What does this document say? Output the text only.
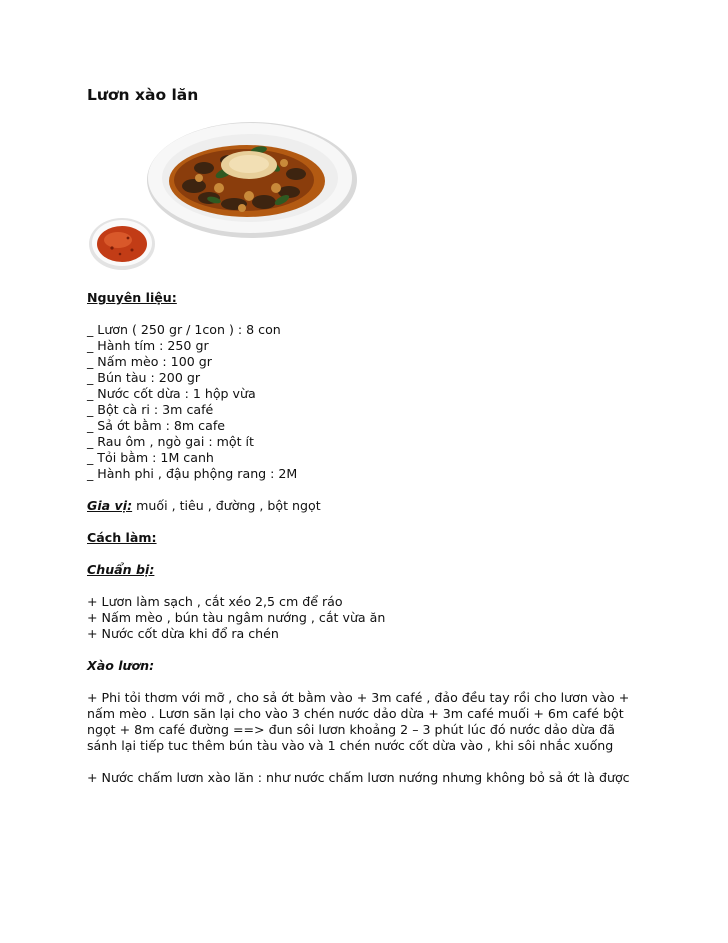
Lươn xào lăn

Nguyên liệu:

_ Lươn ( 250 gr / 1con ) : 8 con
_ Hành tím : 250 gr
_ Nấm mèo : 100 gr
_ Bún tàu : 200 gr
_ Nước cốt dừa : 1 hộp vừa
_ Bột cà ri : 3m café
_ Sả ớt bằm : 8m cafe
_ Rau ôm , ngò gai : một ít
_ Tỏi bằm : 1M canh
_ Hành phi , đậu phộng rang : 2M

Gia vị: muối , tiêu , đường , bột ngọt

Cách làm:

Chuẩn bị:

+ Lươn làm sạch , cắt xéo 2,5 cm để ráo
+ Nấm mèo , bún tàu ngâm nướng , cắt vừa ăn
+ Nước cốt dừa khi đổ ra chén

Xào lươn:

+ Phi tỏi thơm với mỡ , cho sả ớt bằm vào + 3m café , đảo đều tay rồi cho lươn vào + nấm mèo . Lươn săn lại cho vào 3 chén nước dảo dừa + 3m café muối + 6m café bột ngọt + 8m café đường ==> đun sôi lươn khoảng 2 – 3 phút lúc đó nước dảo dừa đã sánh lại tiếp tuc thêm bún tàu vào và 1 chén nước cốt dừa vào , khi sôi nhắc xuống

+ Nước chấm lươn xào lăn : như nước chấm lươn nướng nhưng không bỏ sả ớt là được
